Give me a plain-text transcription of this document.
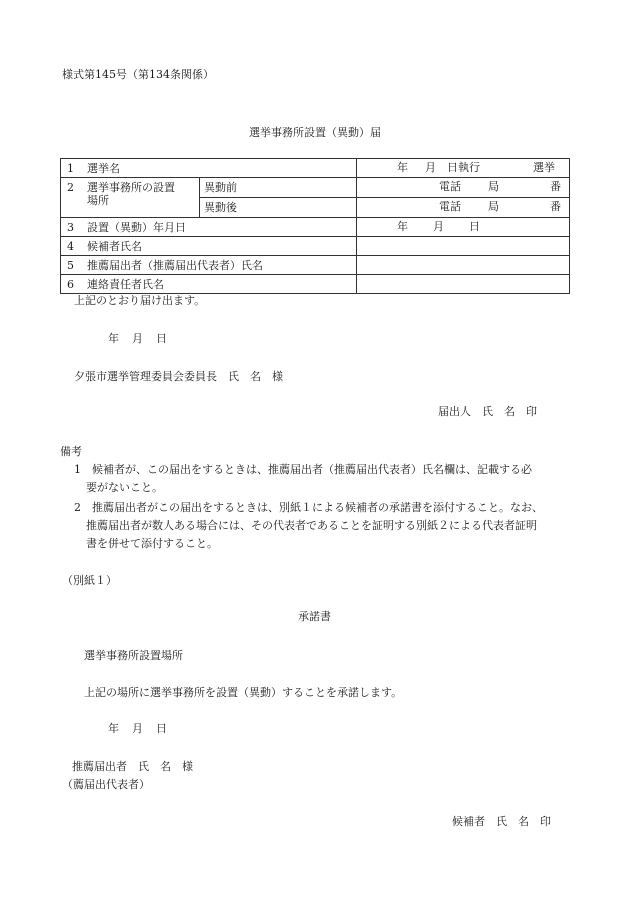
様式第145号（第134条関係）
選挙事務所設置（異動）届
1 選挙名		年 月 日執行 選挙

2 選挙事務所の設置
場所	異動前	電話 局 番

	異動後	電話 局 番

3 設置（異動）年月日		年 月 日

4 候補者氏名		
5 推薦届出者（推薦届出代表者）氏名		
6 連絡責任者氏名		
上記のとおり届け出ます。
年 月 日
夕張市選挙管理委員会委員長　氏　名　様
届出人　氏　名　印
備考
1 候補者が、この届出をするときは、推薦届出者（推薦届出代表者）氏名欄は、記載する必
要がないこと。
2 推薦届出者がこの届出をするときは、別紙１による候補者の承諾書を添付すること。なお、
推薦届出者が数人ある場合には、その代表者であることを証明する別紙２による代表者証明
書を併せて添付すること。
（別紙１）
承諾書
選挙事務所設置場所
上記の場所に選挙事務所を設置（異動）することを承諾します。
年 月 日
推薦届出者　氏　名　様
（薦届出代表者）
候補者　氏　名　印
